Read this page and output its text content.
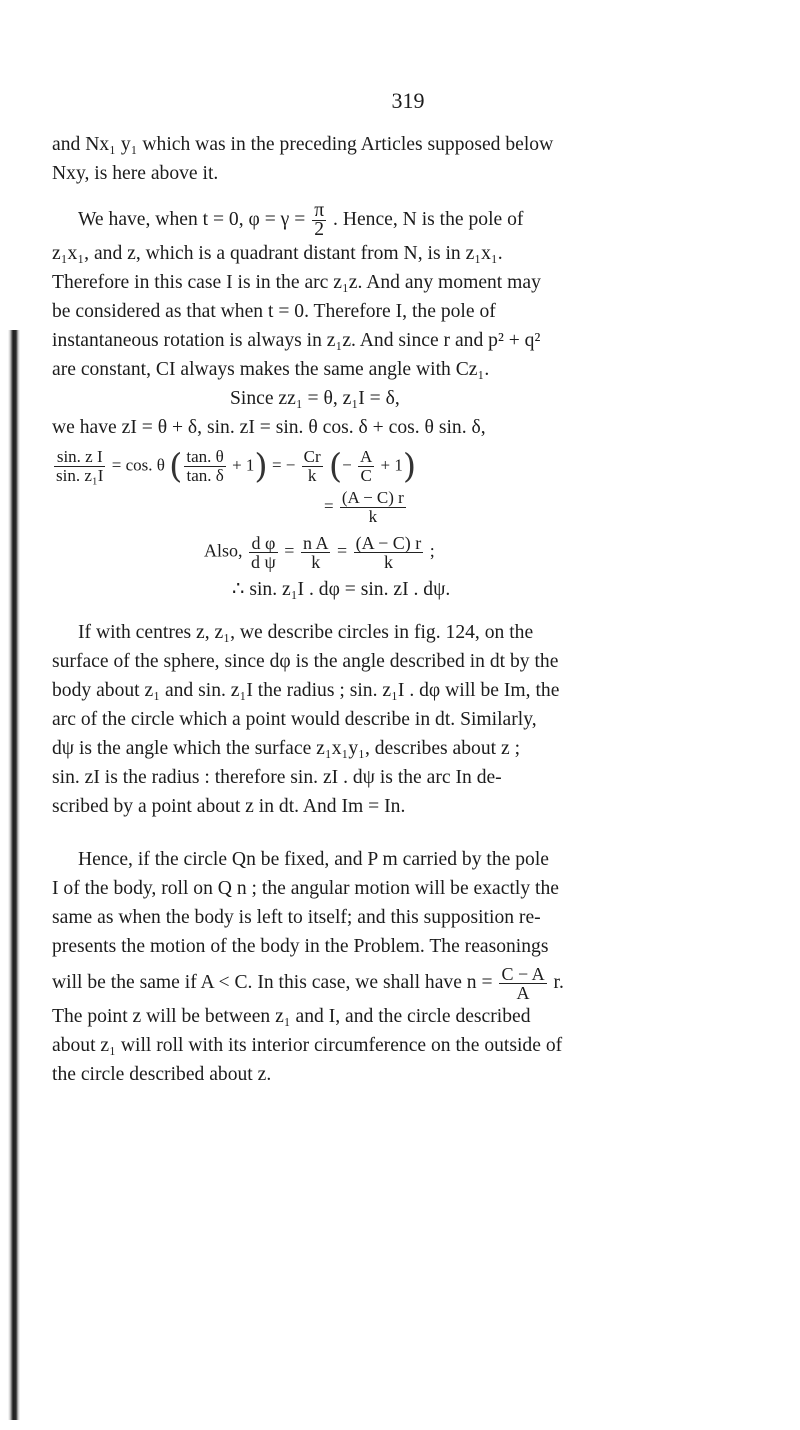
319
and Nx₁ y₁ which was in the preceding Articles supposed below
Nxy, is here above it.
We have, when t = 0, $\varphi = \gamma = \frac{\pi}{2}$ . Hence, N is the pole of
z₁x₁, and z, which is a quadrant distant from N, is in z₁x₁.
Therefore in this case I is in the arc z₁z. And any moment may
be considered as that when t = 0. Therefore I, the pole of
instantaneous rotation is always in z₁z. And since r and p² + q²
are constant, CI always makes the same angle with Cz₁.
Since zz₁ = θ, z₁I = δ,
we have zI = θ + δ, sin. zI = sin. θ cos. δ + cos. θ sin. δ,
$\frac{\text{sin. z I}}{\text{sin. z₁I}} = \cos$. θ ( $\frac{\tan. \theta}{\tan. \delta} + 1$) = − $\frac{Cr}{k}$ (− $\frac{A}{C} + 1$)
= $\frac{(A - C) r}{k}$
Also, $\frac{\text{d φ}}{\text{d ψ}} = \frac{\text{n A}}{k} = \frac{(A - C) r}{k}$ ;
∴ sin. z₁I . dφ = sin. zI . dψ.
If with centres z, z₁, we describe circles in fig. 124, on the
surface of the sphere, since dφ is the angle described in dt by the
body about z₁ and sin. z₁I the radius ; sin. z₁I . dφ will be Im, the
arc of the circle which a point would describe in dt. Similarly,
dψ is the angle which the surface z₁x₁y₁, describes about z ;
sin. zI is the radius : therefore sin. zI . dψ is the arc In de-
scribed by a point about z in dt. And Im = In.
Hence, if the circle Qn be fixed, and P m carried by the pole
I of the body, roll on Q n ; the angular motion will be exactly the
same as when the body is left to itself; and this supposition re-
presents the motion of the body in the Problem. The reasonings
will be the same if A < C. In this case, we shall have $n = \frac{C - A}{A} r$.
The point z will be between z₁ and I, and the circle described
about z₁ will roll with its interior circumference on the outside of
the circle described about z.
